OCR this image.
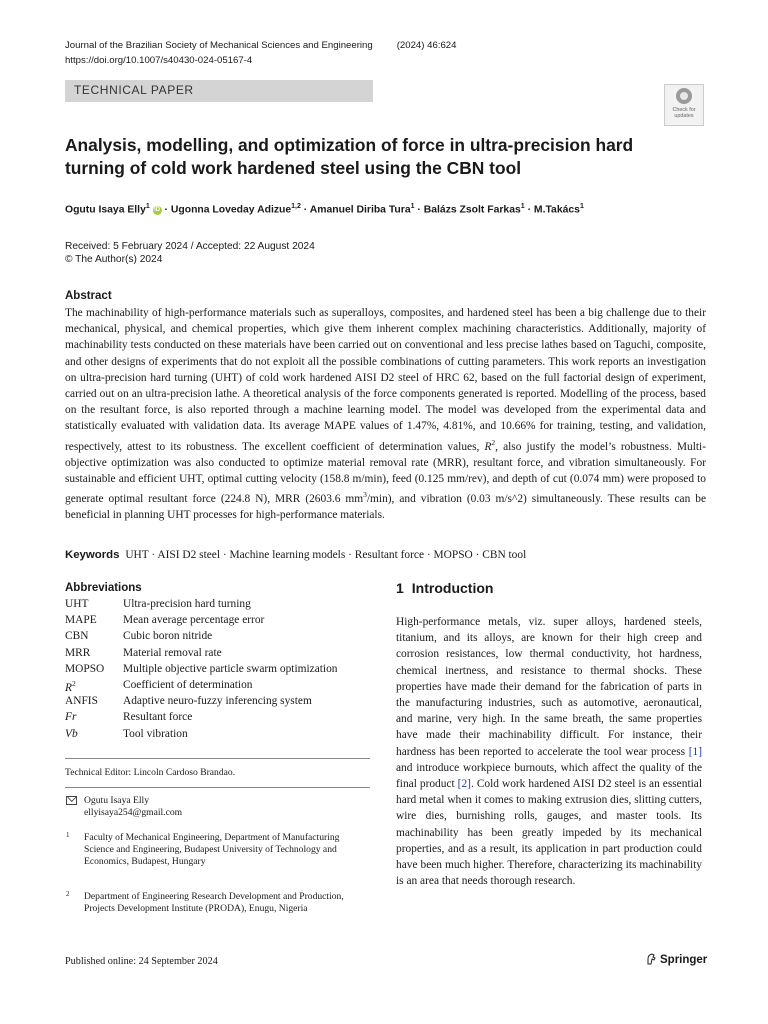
Journal of the Brazilian Society of Mechanical Sciences and Engineering	(2024) 46:624
https://doi.org/10.1007/s40430-024-05167-4
TECHNICAL PAPER
Check for
updates
Analysis, modelling, and optimization of force in ultra-precision hard turning of cold work hardened steel using the CBN tool
Ogutu Isaya Elly$^1$ iD · Ugonna Loveday Adizue$^{1,2}$ · Amanuel Diriba Tura$^1$ · Balázs Zsolt Farkas$^1$ · M.Takács$^1$
Received: 5 February 2024 / Accepted: 22 August 2024
© The Author(s) 2024
Abstract
The machinability of high-performance materials such as superalloys, composites, and hardened steel has been a big challenge due to their mechanical, physical, and chemical properties, which give them inherent complex machining characteristics. Additionally, majority of machinability tests conducted on these materials have been carried out on conventional and less precise lathes based on Taguchi, composite, and other designs of experiments that do not exploit all the possible combinations of cutting parameters. This work reports an investigation on ultra-precision hard turning (UHT) of cold work hardened AISI D2 steel of HRC 62, based on the full factorial design of experiment, carried out on an ultra-precision lathe. A theoretical analysis of the force components generated is reported. Modelling of the process, based on the resultant force, is also reported through a machine learning model. The model was developed from the experimental data and statistically evaluated with validation data. Its average MAPE values of 1.47%, 4.81%, and 10.66% for training, testing, and validation, respectively, attest to its robustness. The excellent coefficient of determination values, $R^2$, also justify the model’s robustness. Multi-objective optimization was also conducted to optimize material removal rate (MRR), resultant force, and vibration simultaneously. For sustainable and efficient UHT, optimal cutting velocity (158.8 m/min), feed (0.125 mm/rev), and depth of cut (0.074 mm) were proposed to generate optimal resultant force (224.8 N), MRR (2603.6 $mm^3/\min$), and vibration (0.03 m/s^2) simultaneously. These results can be beneficial in planning UHT processes for high-performance materials.
Keywords UHT · AISI D2 steel · Machine learning models · Resultant force · MOPSO · CBN tool
Abbreviations
UHT	Ultra-precision hard turning
MAPE	Mean average percentage error
CBN	Cubic boron nitride
MRR	Material removal rate
MOPSO	Multiple objective particle swarm optimization
$R^2$	Coefficient of determination
ANFIS	Adaptive neuro-fuzzy inferencing system
Fr	Resultant force
Vb	Tool vibration
Technical Editor: Lincoln Cardoso Brandao.
Ogutu Isaya Elly
ellyisaya254@gmail.com
1 Faculty of Mechanical Engineering, Department of Manufacturing Science and Engineering, Budapest University of Technology and Economics, Budapest, Hungary
2 Department of Engineering Research Development and Production, Projects Development Institute (PRODA), Enugu, Nigeria
1 Introduction
High-performance metals, viz. super alloys, hardened steels, titanium, and its alloys, are known for their high creep and corrosion resistances, low thermal conductivity, hot hardness, chemical inertness, and resistance to thermal shocks. These properties have made their demand for the fabrication of parts in the manufacturing industries, such as automotive, aeronautical, and marine, very high. In the same breath, the same properties have made their machinability difficult. For instance, their hardness has been reported to accelerate the tool wear process [1] and introduce workpiece burnouts, which affect the quality of the final product [2]. Cold work hardened AISI D2 steel is an essential hard metal when it comes to making extrusion dies, slitting cutters, wire dies, burnishing rolls, gauges, and master tools. Its machinability has been greatly impeded by its mechanical properties, and as a result, its application in part production could have been much higher. Therefore, characterizing its machinability is an area that needs thorough research.
Published online: 24 September 2024	Springer
